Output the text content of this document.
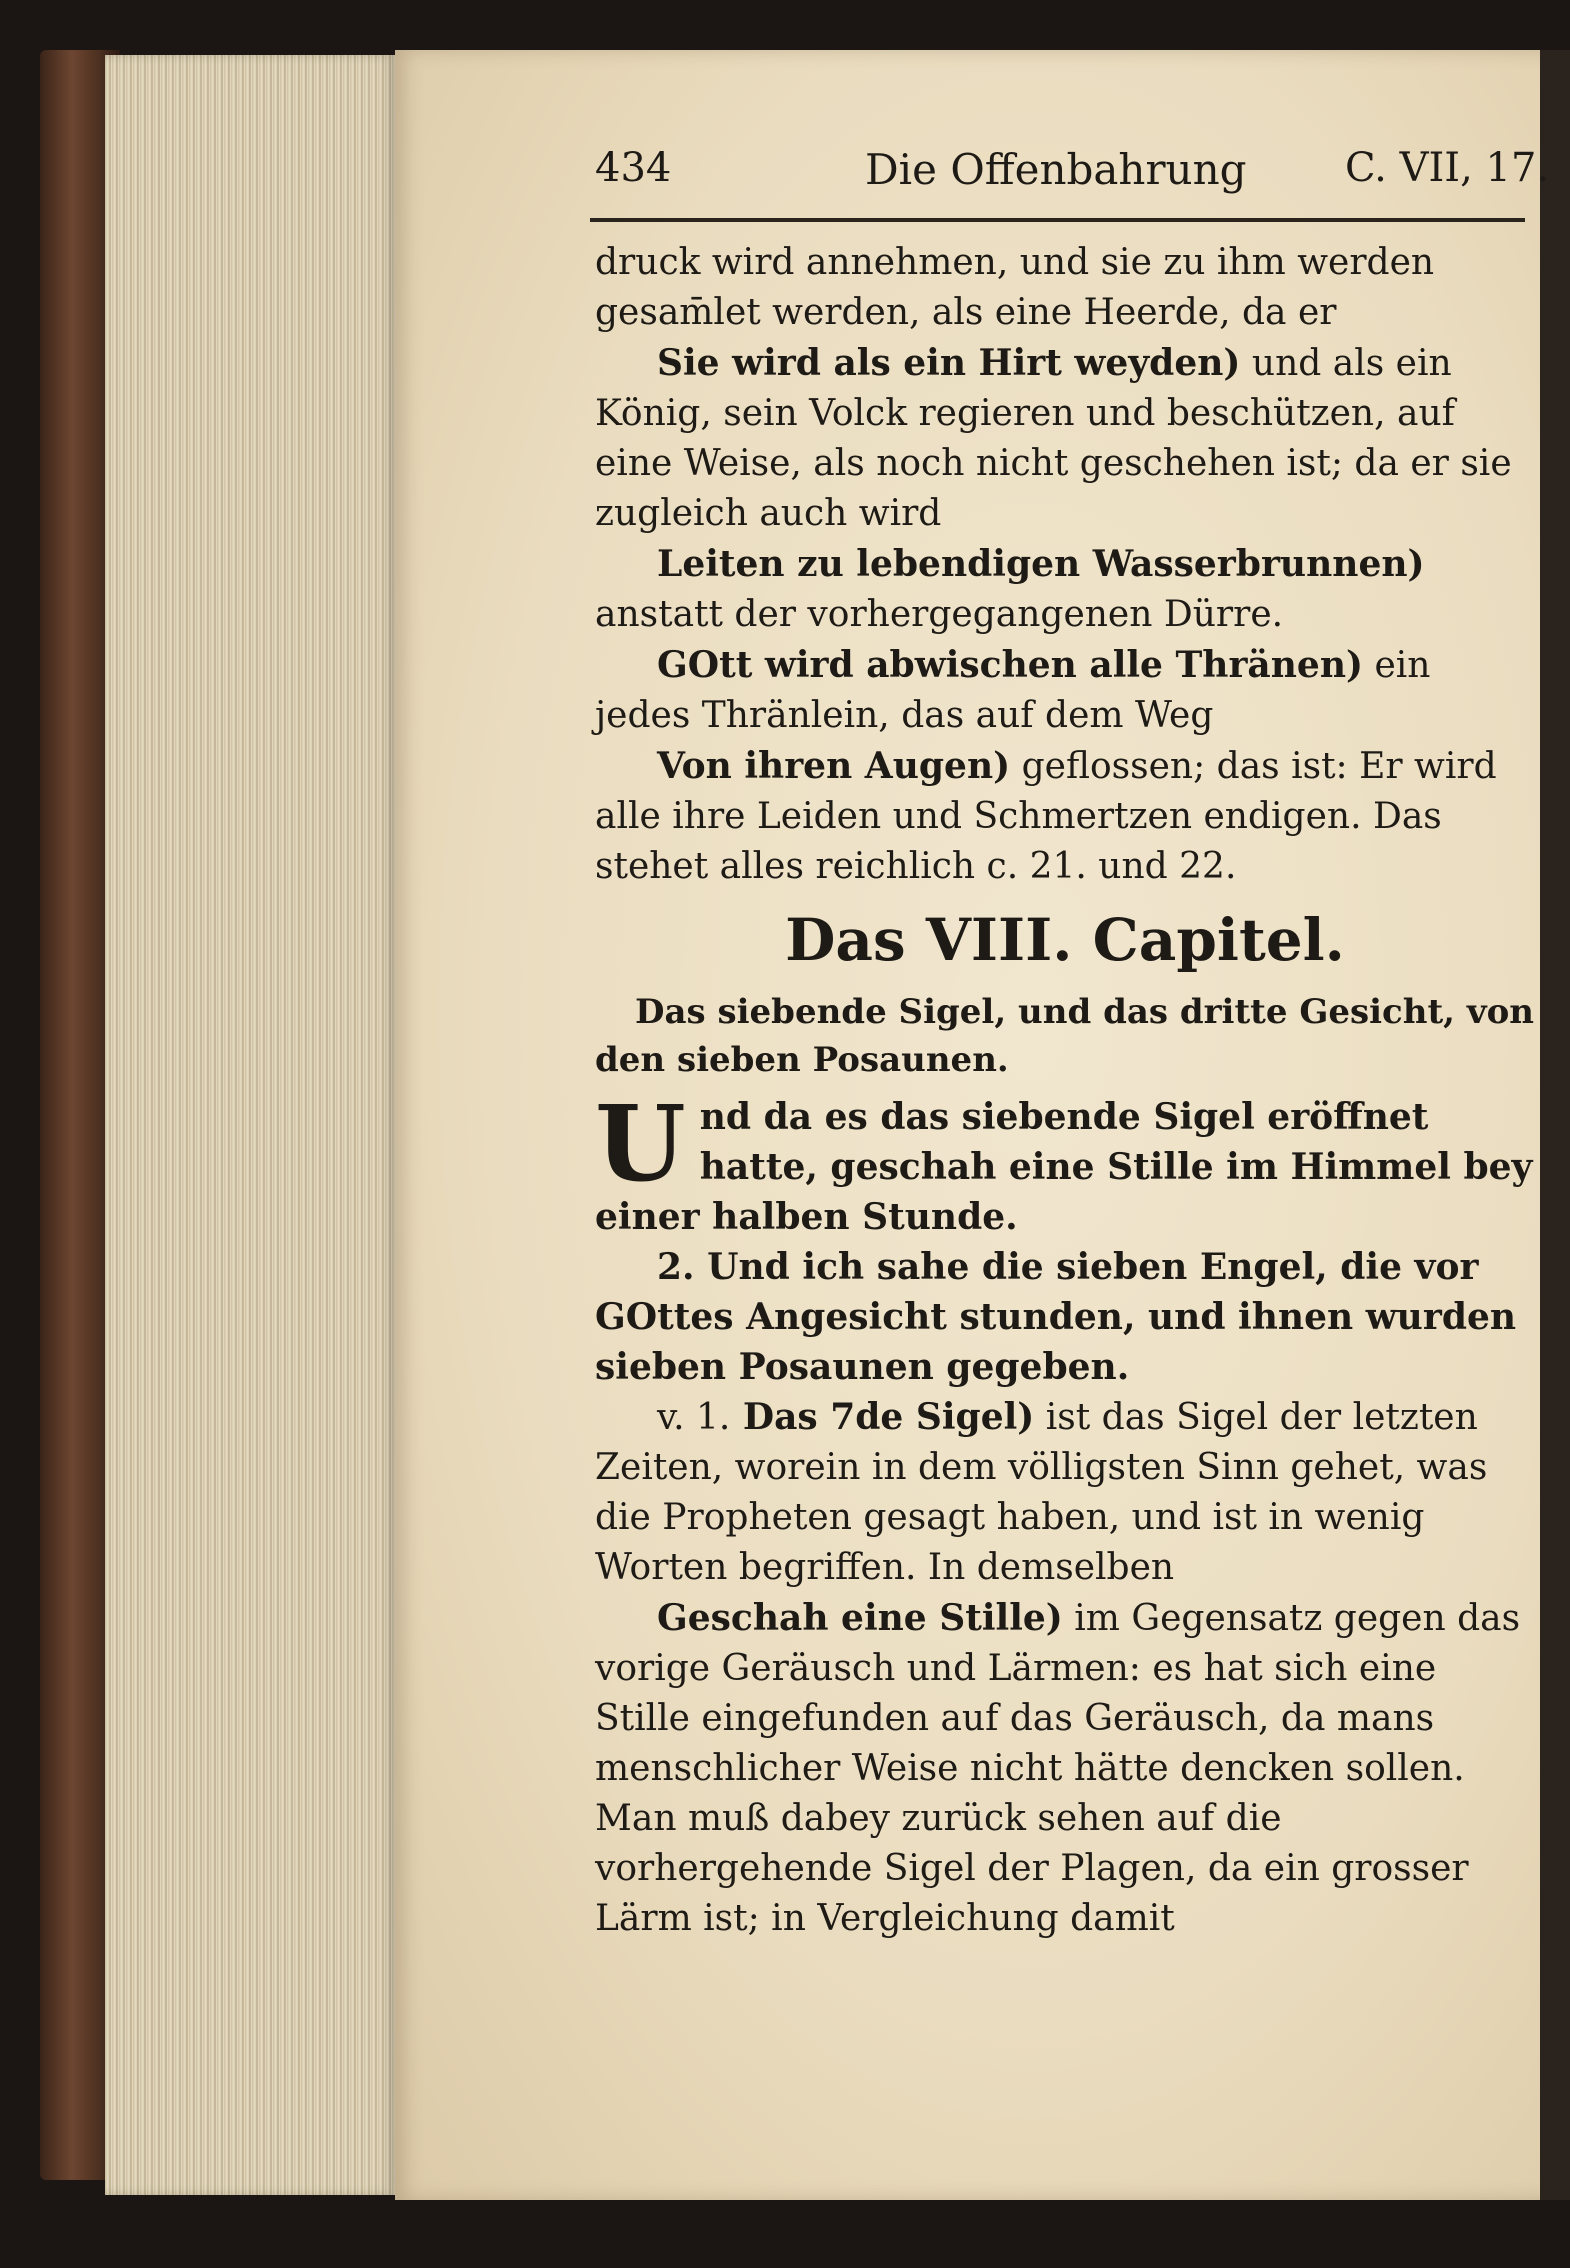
434	Die Offenbahrung C. VII, 17.

druck wird annehmen, und sie zu ihm werden gesam̄let werden, als eine Heerde, da er

Sie wird als ein Hirt weyden) und als ein König, sein Volck regieren und beschützen, auf eine Weise, als noch nicht geschehen ist; da er sie zugleich auch wird

Leiten zu lebendigen Wasserbrunnen) anstatt der vorhergegangenen Dürre.

GOtt wird abwischen alle Thränen) ein jedes Thränlein, das auf dem Weg

Von ihren Augen) geflossen; das ist: Er wird alle ihre Leiden und Schmertzen endigen. Das stehet alles reichlich c. 21. und 22.

Das VIII. Capitel.

Das siebende Sigel, und das dritte Gesicht, von den sieben Posaunen.

Und da es das siebende Sigel eröffnet hatte, geschah eine Stille im Himmel bey einer halben Stunde.

2. Und ich sahe die sieben Engel, die vor GOttes Angesicht stunden, und ihnen wurden sieben Posaunen gegeben.

v. 1. Das 7de Sigel) ist das Sigel der letzten Zeiten, worein in dem völligsten Sinn gehet, was die Propheten gesagt haben, und ist in wenig Worten begriffen. In demselben

Geschah eine Stille) im Gegensatz gegen das vorige Geräusch und Lärmen: es hat sich eine Stille eingefunden auf das Geräusch, da mans menschlicher Weise nicht hätte dencken sollen. Man muß dabey zurück sehen auf die vorhergehende Sigel der Plagen, da ein grosser Lärm ist; in Vergleichung damit
